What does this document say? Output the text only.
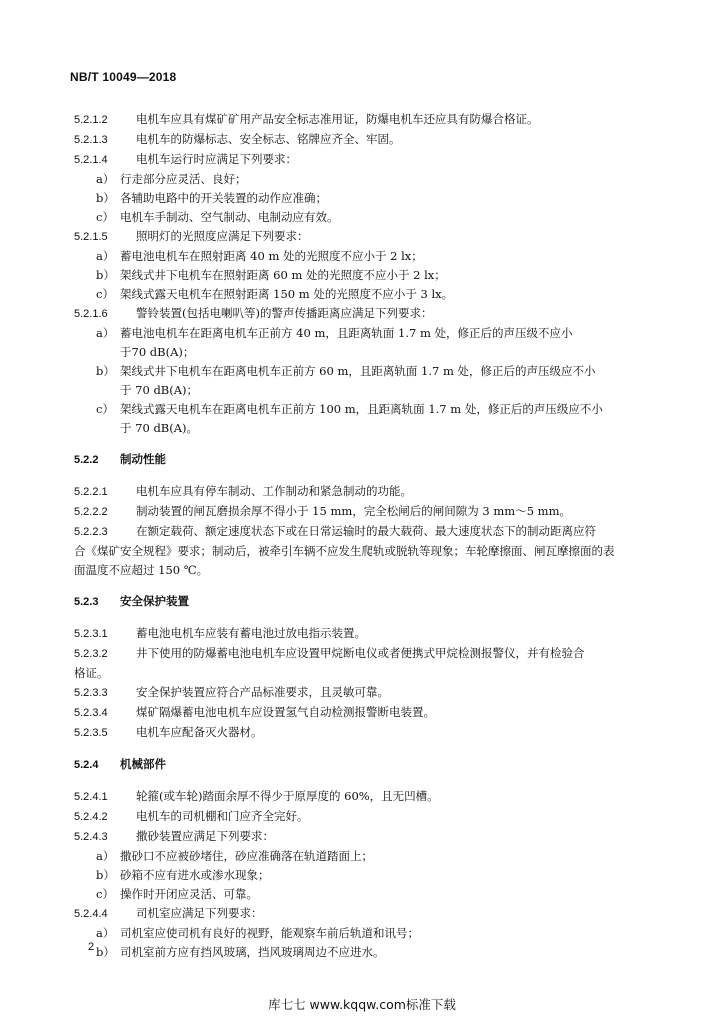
NB/T 10049—2018
5.2.1.2 电机车应具有煤矿矿用产品安全标志准用证，防爆电机车还应具有防爆合格证。
5.2.1.3 电机车的防爆标志、安全标志、铭牌应齐全、牢固。
5.2.1.4 电机车运行时应满足下列要求：
a） 行走部分应灵活、良好；
b） 各辅助电路中的开关装置的动作应准确；
c） 电机车手制动、空气制动、电制动应有效。
5.2.1.5 照明灯的光照度应满足下列要求：
a） 蓄电池电机车在照射距离 40 m 处的光照度不应小于 2 lx；
b） 架线式井下电机车在照射距离 60 m 处的光照度不应小于 2 lx；
c） 架线式露天电机车在照射距离 150 m 处的光照度不应小于 3 lx。
5.2.1.6 警铃装置(包括电喇叭等)的警声传播距离应满足下列要求：
a） 蓄电池电机车在距离电机车正前方 40 m，且距离轨面 1.7 m 处，修正后的声压级不应小
于70 dB(A)；
b） 架线式井下电机车在距离电机车正前方 60 m，且距离轨面 1.7 m 处，修正后的声压级应不小
于 70 dB(A)；
c） 架线式露天电机车在距离电机车正前方 100 m，且距离轨面 1.7 m 处，修正后的声压级应不小
于 70 dB(A)。
5.2.2 制动性能
5.2.2.1 电机车应具有停车制动、工作制动和紧急制动的功能。
5.2.2.2 制动装置的闸瓦磨损余厚不得小于 15 mm，完全松闸后的闸间隙为 3 mm～5 mm。
5.2.2.3 在额定载荷、额定速度状态下或在日常运输时的最大载荷、最大速度状态下的制动距离应符
合《煤矿安全规程》要求；制动后，被牵引车辆不应发生爬轨或脱轨等现象；车轮摩擦面、闸瓦摩擦面的表
面温度不应超过 150 ℃。
5.2.3 安全保护装置
5.2.3.1 蓄电池电机车应装有蓄电池过放电指示装置。
5.2.3.2 井下使用的防爆蓄电池电机车应设置甲烷断电仪或者便携式甲烷检测报警仪，并有检验合
格证。
5.2.3.3 安全保护装置应符合产品标准要求，且灵敏可靠。
5.2.3.4 煤矿隔爆蓄电池电机车应设置氢气自动检测报警断电装置。
5.2.3.5 电机车应配备灭火器材。
5.2.4 机械部件
5.2.4.1 轮箍(或车轮)踏面余厚不得少于原厚度的 60%，且无凹槽。
5.2.4.2 电机车的司机棚和门应齐全完好。
5.2.4.3 撒砂装置应满足下列要求：
a） 撒砂口不应被砂堵住，砂应准确落在轨道踏面上；
b） 砂箱不应有进水或渗水现象；
c） 操作时开闭应灵活、可靠。
5.2.4.4 司机室应满足下列要求：
a） 司机室应使司机有良好的视野，能观察车前后轨道和讯号；
b） 司机室前方应有挡风玻璃，挡风玻璃周边不应进水。
2
库七七 www.kqqw.com标准下载
